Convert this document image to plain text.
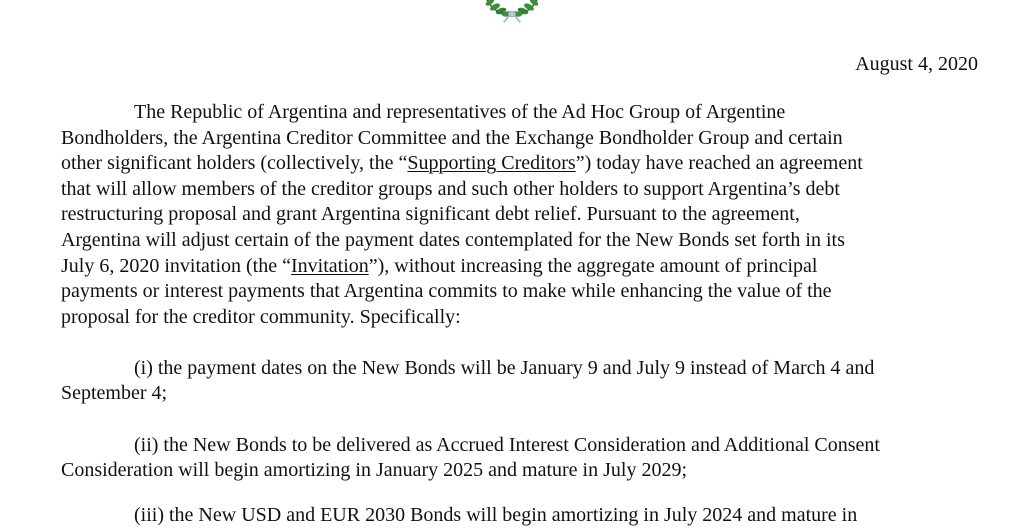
August 4, 2020

The Republic of Argentina and representatives of the Ad Hoc Group of Argentine
Bondholders, the Argentina Creditor Committee and the Exchange Bondholder Group and certain
other significant holders (collectively, the “Supporting Creditors”) today have reached an agreement
that will allow members of the creditor groups and such other holders to support Argentina’s debt
restructuring proposal and grant Argentina significant debt relief. Pursuant to the agreement,
Argentina will adjust certain of the payment dates contemplated for the New Bonds set forth in its
July 6, 2020 invitation (the “Invitation”), without increasing the aggregate amount of principal
payments or interest payments that Argentina commits to make while enhancing the value of the
proposal for the creditor community. Specifically:

(i) the payment dates on the New Bonds will be January 9 and July 9 instead of March 4 and
September 4;

(ii) the New Bonds to be delivered as Accrued Interest Consideration and Additional Consent
Consideration will begin amortizing in January 2025 and mature in July 2029;

(iii) the New USD and EUR 2030 Bonds will begin amortizing in July 2024 and mature in
